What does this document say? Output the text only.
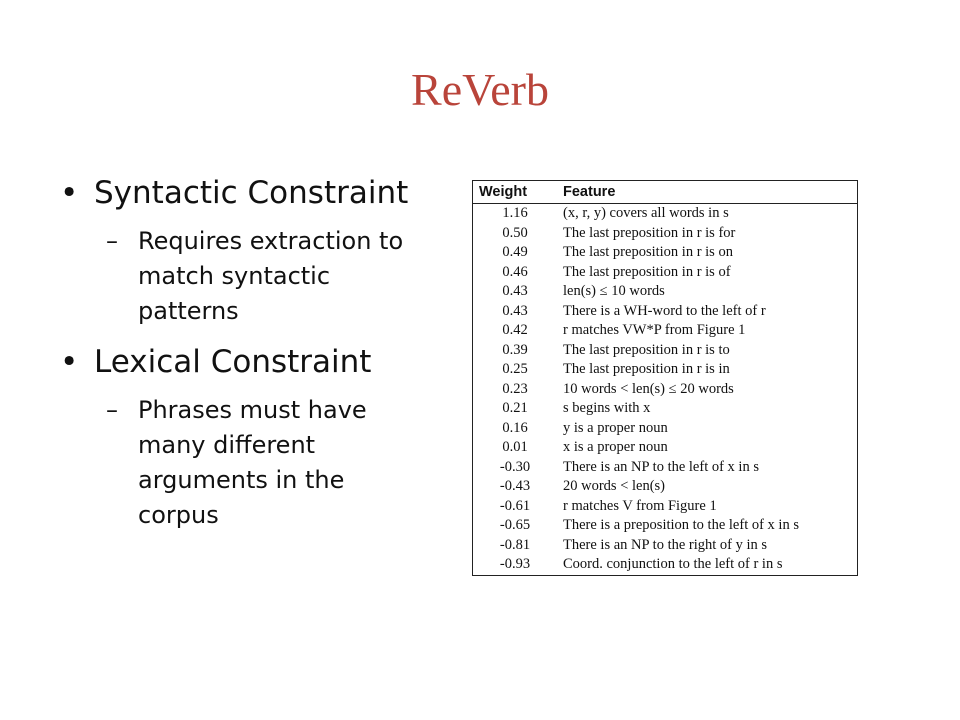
ReVerb
• Syntactic Constraint
– Requires extraction to match syntactic patterns
• Lexical Constraint
– Phrases must have many different arguments in the corpus
Weight	Feature
1.16	(x, r, y) covers all words in s
0.50	The last preposition in r is for
0.49	The last preposition in r is on
0.46	The last preposition in r is of
0.43	len(s) ≤ 10 words
0.43	There is a WH-word to the left of r
0.42	r matches VW*P from Figure 1
0.39	The last preposition in r is to
0.25	The last preposition in r is in
0.23	10 words < len(s) ≤ 20 words
0.21	s begins with x
0.16	y is a proper noun
0.01	x is a proper noun
-0.30	There is an NP to the left of x in s
-0.43	20 words < len(s)
-0.61	r matches V from Figure 1
-0.65	There is a preposition to the left of x in s
-0.81	There is an NP to the right of y in s
-0.93	Coord. conjunction to the left of r in s
